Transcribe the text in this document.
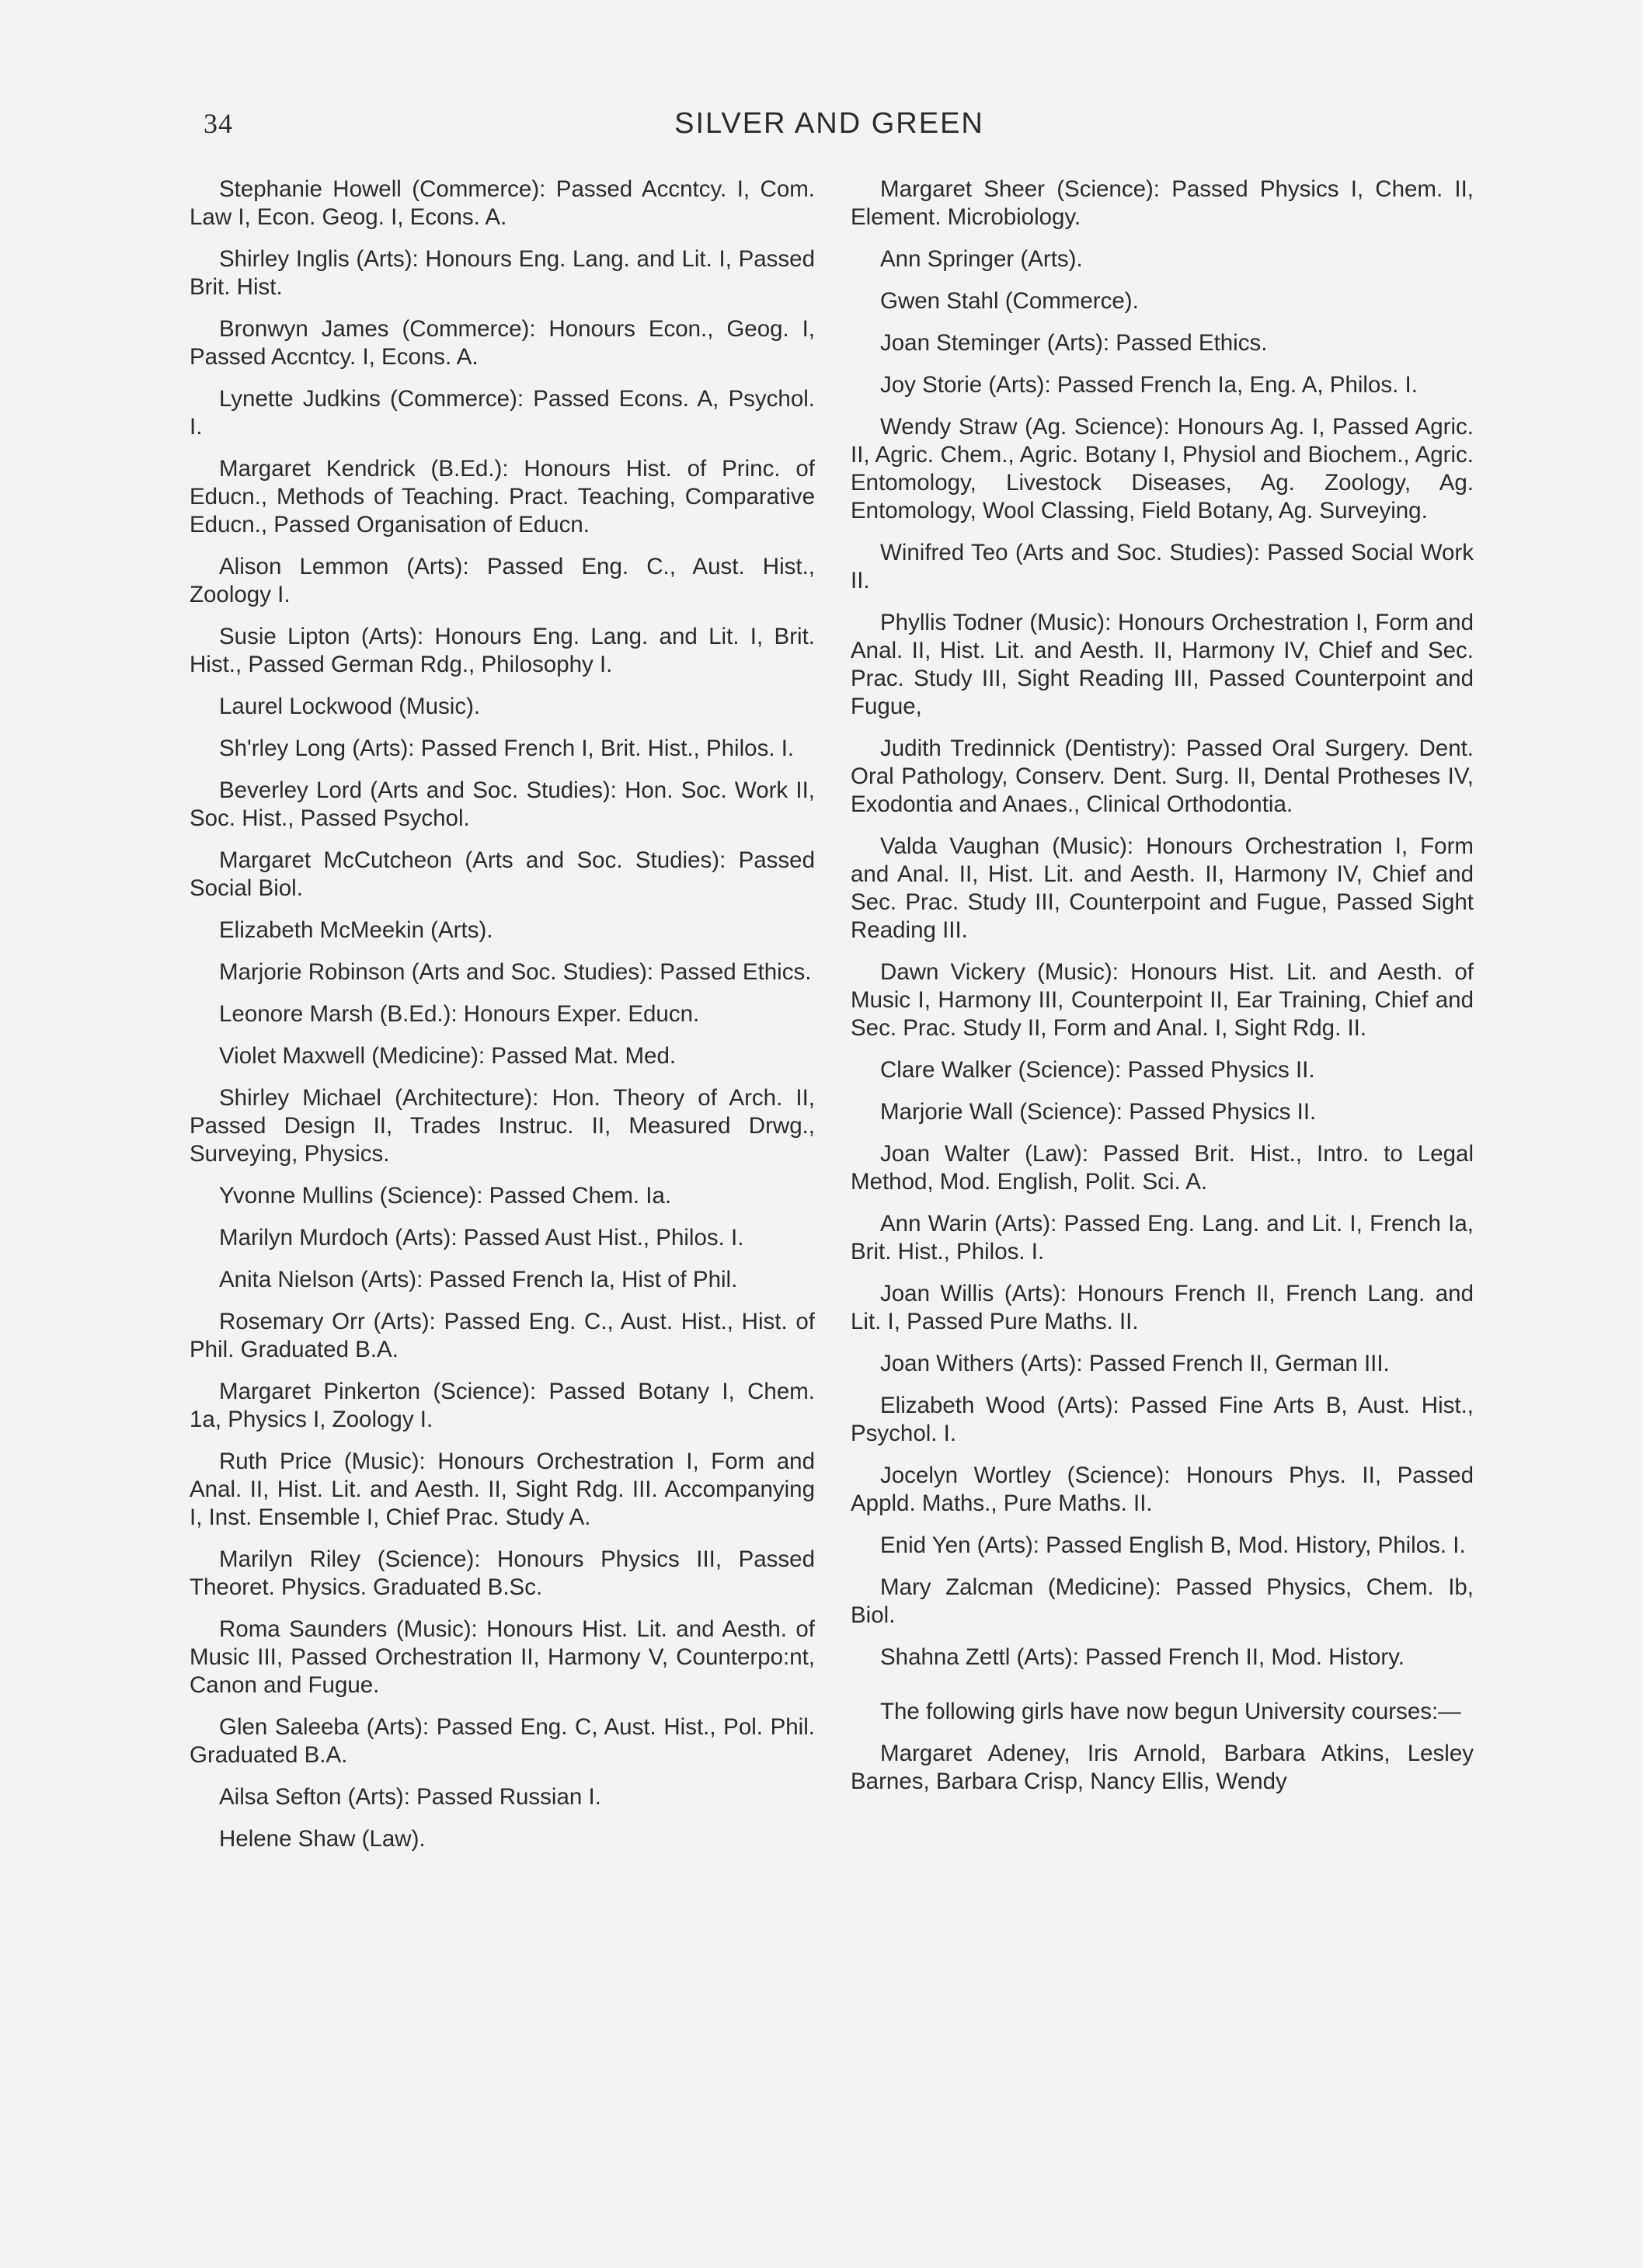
34	SILVER AND GREEN

Stephanie Howell (Commerce): Passed Accntcy. I, Com. Law I, Econ. Geog. I, Econs. A.

Shirley Inglis (Arts): Honours Eng. Lang. and Lit. I, Passed Brit. Hist.

Bronwyn James (Commerce): Honours Econ., Geog. I, Passed Accntcy. I, Econs. A.

Lynette Judkins (Commerce): Passed Econs. A, Psychol. I.

Margaret Kendrick (B.Ed.): Honours Hist. of Princ. of Educn., Methods of Teaching. Pract. Teaching, Comparative Educn., Passed Organisation of Educn.

Alison Lemmon (Arts): Passed Eng. C., Aust. Hist., Zoology I.

Susie Lipton (Arts): Honours Eng. Lang. and Lit. I, Brit. Hist., Passed German Rdg., Philosophy I.

Laurel Lockwood (Music).

Sh'rley Long (Arts): Passed French I, Brit. Hist., Philos. I.

Beverley Lord (Arts and Soc. Studies): Hon. Soc. Work II, Soc. Hist., Passed Psychol.

Margaret McCutcheon (Arts and Soc. Studies): Passed Social Biol.

Elizabeth McMeekin (Arts).

Marjorie Robinson (Arts and Soc. Studies): Passed Ethics.

Leonore Marsh (B.Ed.): Honours Exper. Educn.

Violet Maxwell (Medicine): Passed Mat. Med.

Shirley Michael (Architecture): Hon. Theory of Arch. II, Passed Design II, Trades Instruc. II, Measured Drwg., Surveying, Physics.

Yvonne Mullins (Science): Passed Chem. Ia.

Marilyn Murdoch (Arts): Passed Aust Hist., Philos. I.

Anita Nielson (Arts): Passed French Ia, Hist of Phil.

Rosemary Orr (Arts): Passed Eng. C., Aust. Hist., Hist. of Phil. Graduated B.A.

Margaret Pinkerton (Science): Passed Botany I, Chem. 1a, Physics I, Zoology I.

Ruth Price (Music): Honours Orchestration I, Form and Anal. II, Hist. Lit. and Aesth. II, Sight Rdg. III. Accompanying I, Inst. Ensemble I, Chief Prac. Study A.

Marilyn Riley (Science): Honours Physics III, Passed Theoret. Physics. Graduated B.Sc.

Roma Saunders (Music): Honours Hist. Lit. and Aesth. of Music III, Passed Orchestration II, Harmony V, Counterpo:nt, Canon and Fugue.

Glen Saleeba (Arts): Passed Eng. C, Aust. Hist., Pol. Phil. Graduated B.A.

Ailsa Sefton (Arts): Passed Russian I.

Helene Shaw (Law).

Margaret Sheer (Science): Passed Physics I, Chem. II, Element. Microbiology.

Ann Springer (Arts).

Gwen Stahl (Commerce).

Joan Steminger (Arts): Passed Ethics.

Joy Storie (Arts): Passed French Ia, Eng. A, Philos. I.

Wendy Straw (Ag. Science): Honours Ag. I, Passed Agric. II, Agric. Chem., Agric. Botany I, Physiol and Biochem., Agric. Entomology, Livestock Diseases, Ag. Zoology, Ag. Entomology, Wool Classing, Field Botany, Ag. Surveying.

Winifred Teo (Arts and Soc. Studies): Passed Social Work II.

Phyllis Todner (Music): Honours Orchestration I, Form and Anal. II, Hist. Lit. and Aesth. II, Harmony IV, Chief and Sec. Prac. Study III, Sight Reading III, Passed Counterpoint and Fugue,

Judith Tredinnick (Dentistry): Passed Oral Surgery. Dent. Oral Pathology, Conserv. Dent. Surg. II, Dental Protheses IV, Exodontia and Anaes., Clinical Orthodontia.

Valda Vaughan (Music): Honours Orchestration I, Form and Anal. II, Hist. Lit. and Aesth. II, Harmony IV, Chief and Sec. Prac. Study III, Counterpoint and Fugue, Passed Sight Reading III.

Dawn Vickery (Music): Honours Hist. Lit. and Aesth. of Music I, Harmony III, Counterpoint II, Ear Training, Chief and Sec. Prac. Study II, Form and Anal. I, Sight Rdg. II.

Clare Walker (Science): Passed Physics II.

Marjorie Wall (Science): Passed Physics II.

Joan Walter (Law): Passed Brit. Hist., Intro. to Legal Method, Mod. English, Polit. Sci. A.

Ann Warin (Arts): Passed Eng. Lang. and Lit. I, French Ia, Brit. Hist., Philos. I.

Joan Willis (Arts): Honours French II, French Lang. and Lit. I, Passed Pure Maths. II.

Joan Withers (Arts): Passed French II, German III.

Elizabeth Wood (Arts): Passed Fine Arts B, Aust. Hist., Psychol. I.

Jocelyn Wortley (Science): Honours Phys. II, Passed Appld. Maths., Pure Maths. II.

Enid Yen (Arts): Passed English B, Mod. History, Philos. I.

Mary Zalcman (Medicine): Passed Physics, Chem. Ib, Biol.

Shahna Zettl (Arts): Passed French II, Mod. History.

The following girls have now begun University courses:—

Margaret Adeney, Iris Arnold, Barbara Atkins, Lesley Barnes, Barbara Crisp, Nancy Ellis, Wendy
